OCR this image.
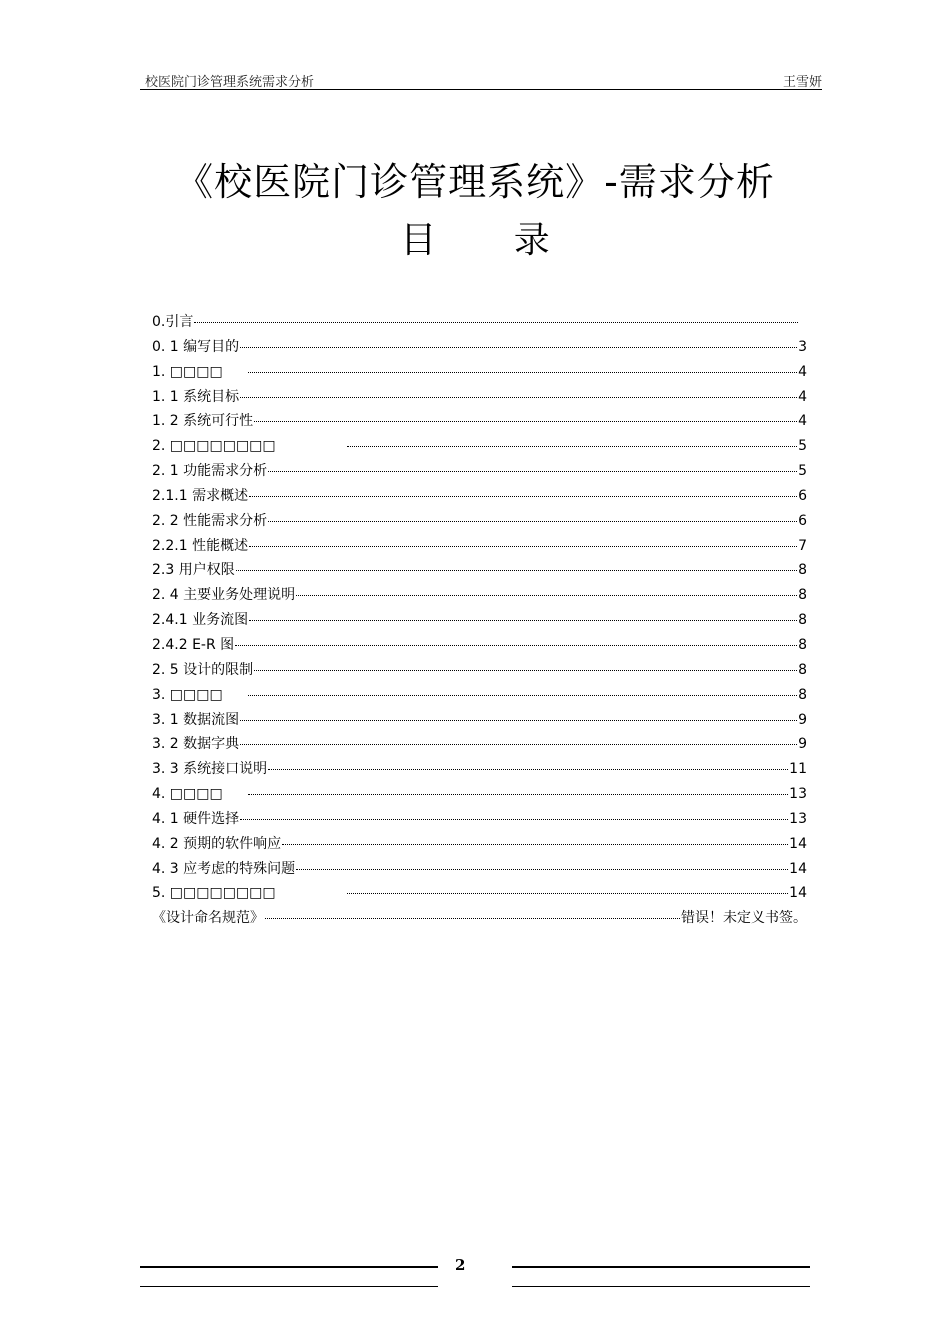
校医院门诊管理系统需求分析	王雪妍
《校医院门诊管理系统》-需求分析
目 录
0.引言
0. 1 编写目的	3
1. □□□□	4
1. 1 系统目标	4
1. 2 系统可行性	4
2. □□□□□□□□	5
2. 1 功能需求分析	5
2.1.1 需求概述	6
2. 2 性能需求分析	6
2.2.1 性能概述	7
2.3 用户权限	8
2. 4 主要业务处理说明	8
2.4.1 业务流图	8
2.4.2 E-R 图	8
2. 5 设计的限制	8
3. □□□□	8
3. 1 数据流图	9
3. 2 数据字典	9
3. 3 系统接口说明	11
4. □□□□	13
4. 1 硬件选择	13
4. 2 预期的软件响应	14
4. 3 应考虑的特殊问题	14
5. □□□□□□□□	14
《设计命名规范》	错误！未定义书签。
2
